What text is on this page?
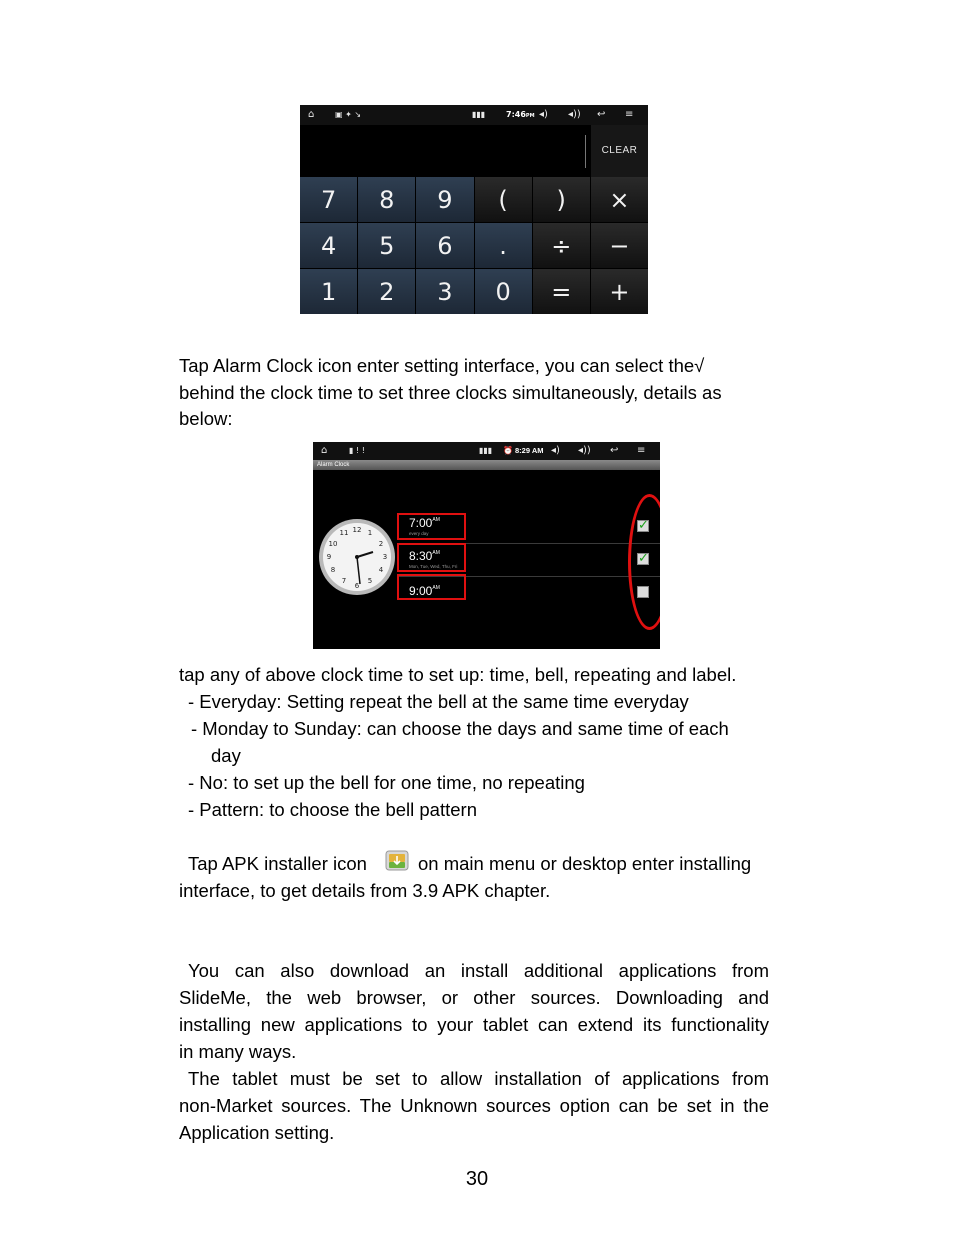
⌂	▣ ✦ ↘	▮▮▮	7:46PM ◂) ◂)) ↩ ≡
CLEAR
7	8	9	(	)	×
4	5	6	.	÷	−
1	2	3	0	=	+
Tap Alarm Clock icon enter setting interface, you can select the√
behind the clock time to set three clocks simultaneously, details as
below:
⌂	▮ ! !	▮▮▮ ⏰ 8:29 AM ◂) ◂)) ↩ ≡
Alarm Clock
12 1
2
3
4
5
6
7
8
9
10
11
$7:00^{AM}$
every day
$8:30^{AM}$
Mon, Tue, Wed, Thu, Fri
$9:00^{AM}$
✓
✓
tap any of above clock time to set up: time, bell, repeating and label.
- Everyday: Setting repeat the bell at the same time everyday
- Monday to Sunday: can choose the days and same time of each
day
- No: to set up the bell for one time, no repeating
- Pattern: to choose the bell pattern
Tap APK installer icon	on main menu or desktop enter installing
interface, to get details from 3.9 APK chapter.
You can also download an install additional applications from
SlideMe, the web browser, or other sources. Downloading and
installing new applications to your tablet can extend its functionality
in many ways.
The tablet must be set to allow installation of applications from
non-Market sources. The Unknown sources option can be set in the
Application setting.
30
